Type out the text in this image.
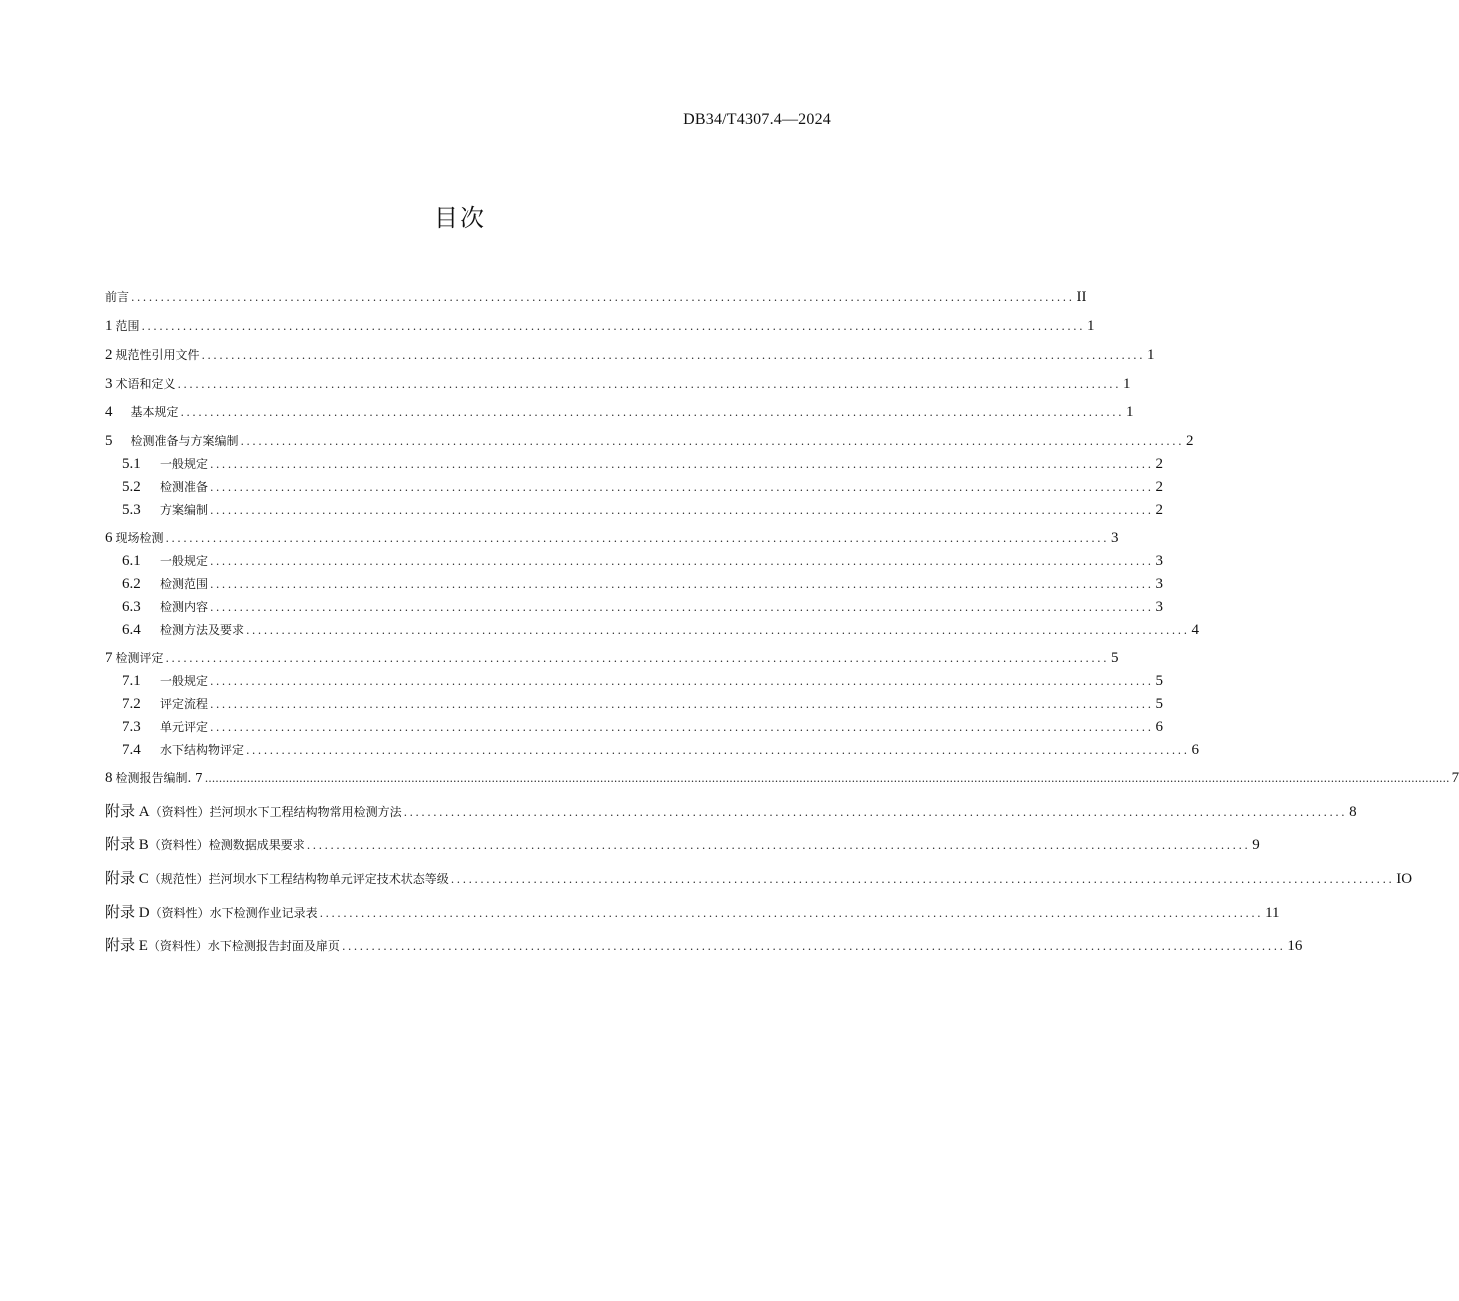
DB34/T4307.4—2024
目次
前言 ................................................................................................................................................................ II
1 范围 ................................................................................................................................................................ 1
2 规范性引用文件 ................................................................................................................................................................ 1
3 术语和定义 ................................................................................................................................................................ 1
4 基本规定 ................................................................................................................................................................ 1
5 检测准备与方案编制 ................................................................................................................................................................ 2
5.1	一般规定 ................................................................................................................................................................ 2
5.2	检测准备 ................................................................................................................................................................ 2
5.3	方案编制 ................................................................................................................................................................ 2
6 现场检测 ................................................................................................................................................................ 3
6.1	一般规定 ................................................................................................................................................................ 3
6.2	检测范围 ................................................................................................................................................................ 3
6.3	检测内容 ................................................................................................................................................................ 3
6.4	检测方法及要求 ................................................................................................................................................................ 4
7 检测评定 ................................................................................................................................................................ 5
7.1	一般规定 ................................................................................................................................................................ 5
7.2	评定流程 ................................................................................................................................................................ 5
7.3	单元评定 ................................................................................................................................................................ 6
7.4	水下结构物评定 ................................................................................................................................................................ 6
8 检测报告编制. 7 .................................................................................................................................................................................................................................................................................................................................................................... 7
附录 A （资料性）拦河坝水下工程结构物常用检测方法 ................................................................................................................................................................ 8
附录 B （资料性）检测数据成果要求 ................................................................................................................................................................ 9
附录 C （规范性）拦河坝水下工程结构物单元评定技术状态等级 ................................................................................................................................................................ IO
附录 D （资料性）水下检测作业记录表 ................................................................................................................................................................ 11
附录 E （资料性）水下检测报告封面及扉页 ................................................................................................................................................................ 16
